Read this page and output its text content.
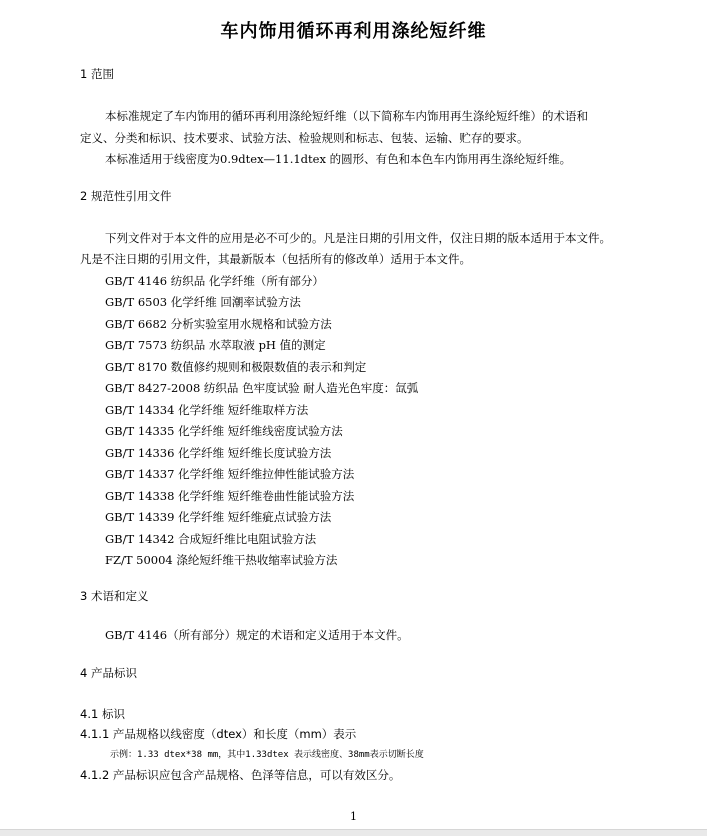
车内饰用循环再利用涤纶短纤维
1 范围
本标准规定了车内饰用的循环再利用涤纶短纤维（以下简称车内饰用再生涤纶短纤维）的术语和
定义、分类和标识、技术要求、试验方法、检验规则和标志、包装、运输、贮存的要求。
本标准适用于线密度为0.9dtex—11.1dtex 的圆形、有色和本色车内饰用再生涤纶短纤维。
2 规范性引用文件
下列文件对于本文件的应用是必不可少的。凡是注日期的引用文件，仅注日期的版本适用于本文件。
凡是不注日期的引用文件，其最新版本（包括所有的修改单）适用于本文件。
GB/T 4146 纺织品 化学纤维（所有部分）
GB/T 6503 化学纤维 回潮率试验方法
GB/T 6682 分析实验室用水规格和试验方法
GB/T 7573 纺织品 水萃取液 pH 值的测定
GB/T 8170 数值修约规则和极限数值的表示和判定
GB/T 8427-2008 纺织品 色牢度试验 耐人造光色牢度：氙弧
GB/T 14334 化学纤维 短纤维取样方法
GB/T 14335 化学纤维 短纤维线密度试验方法
GB/T 14336 化学纤维 短纤维长度试验方法
GB/T 14337 化学纤维 短纤维拉伸性能试验方法
GB/T 14338 化学纤维 短纤维卷曲性能试验方法
GB/T 14339 化学纤维 短纤维疵点试验方法
GB/T 14342 合成短纤维比电阻试验方法
FZ/T 50004 涤纶短纤维干热收缩率试验方法
3 术语和定义
GB/T 4146（所有部分）规定的术语和定义适用于本文件。
4 产品标识
4.1 标识
4.1.1 产品规格以线密度（dtex）和长度（mm）表示
示例：1.33 dtex*38 mm，其中1.33dtex 表示线密度、38mm表示切断长度
4.1.2 产品标识应包含产品规格、色泽等信息，可以有效区分。
1
